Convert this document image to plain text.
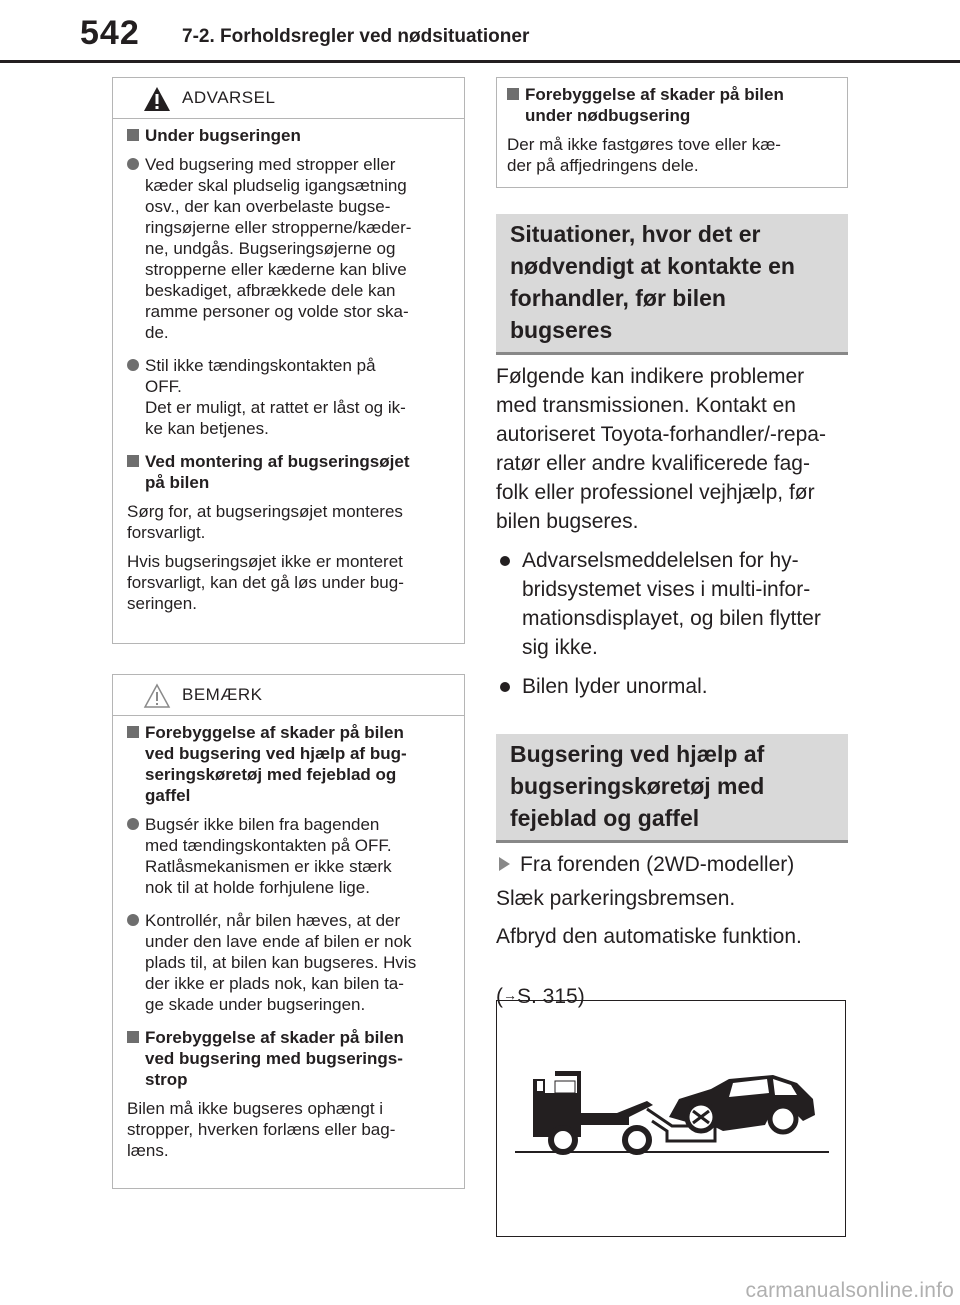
542 7-2. Forholdsregler ved nødsituationer
ADVARSEL
Under bugseringen
Ved bugsering med stropper eller
kæder skal pludselig igangsætning
osv., der kan overbelaste bugse-
ringsøjerne eller stropperne/kæder-
ne, undgås. Bugseringsøjerne og
stropperne eller kæderne kan blive
beskadiget, afbrækkede dele kan
ramme personer og volde stor ska-
de.
Stil ikke tændingskontakten på
OFF.
Det er muligt, at rattet er låst og ik-
ke kan betjenes.
Ved montering af bugseringsøjet
på bilen
Sørg for, at bugseringsøjet monteres
forsvarligt.
Hvis bugseringsøjet ikke er monteret
forsvarligt, kan det gå løs under bug-
seringen.
BEMÆRK
Forebyggelse af skader på bilen
ved bugsering ved hjælp af bug-
seringskøretøj med fejeblad og
gaffel
Bugsér ikke bilen fra bagenden
med tændingskontakten på OFF.
Ratlåsmekanismen er ikke stærk
nok til at holde forhjulene lige.
Kontrollér, når bilen hæves, at der
under den lave ende af bilen er nok
plads til, at bilen kan bugseres. Hvis
der ikke er plads nok, kan bilen ta-
ge skade under bugseringen.
Forebyggelse af skader på bilen
ved bugsering med bugserings-
strop
Bilen må ikke bugseres ophængt i
stropper, hverken forlæns eller bag-
læns.
Forebyggelse af skader på bilen
under nødbugsering
Der må ikke fastgøres tove eller kæ-
der på affjedringens dele.
Situationer, hvor det er
nødvendigt at kontakte en
forhandler, før bilen
bugseres
Følgende kan indikere problemer
med transmissionen. Kontakt en
autoriseret Toyota-forhandler/-repa-
ratør eller andre kvalificerede fag-
folk eller professionel vejhjælp, før
bilen bugseres.
Advarselsmeddelelsen for hy-
bridsystemet vises i multi-infor-
mationsdisplayet, og bilen flytter
sig ikke.
Bilen lyder unormal.
Bugsering ved hjælp af
bugseringskøretøj med
fejeblad og gaffel
Fra forenden (2WD-modeller)
Slæk parkeringsbremsen.
Afbryd den automatiske funktion.

(→S. 315)

carmanualsonline.info
